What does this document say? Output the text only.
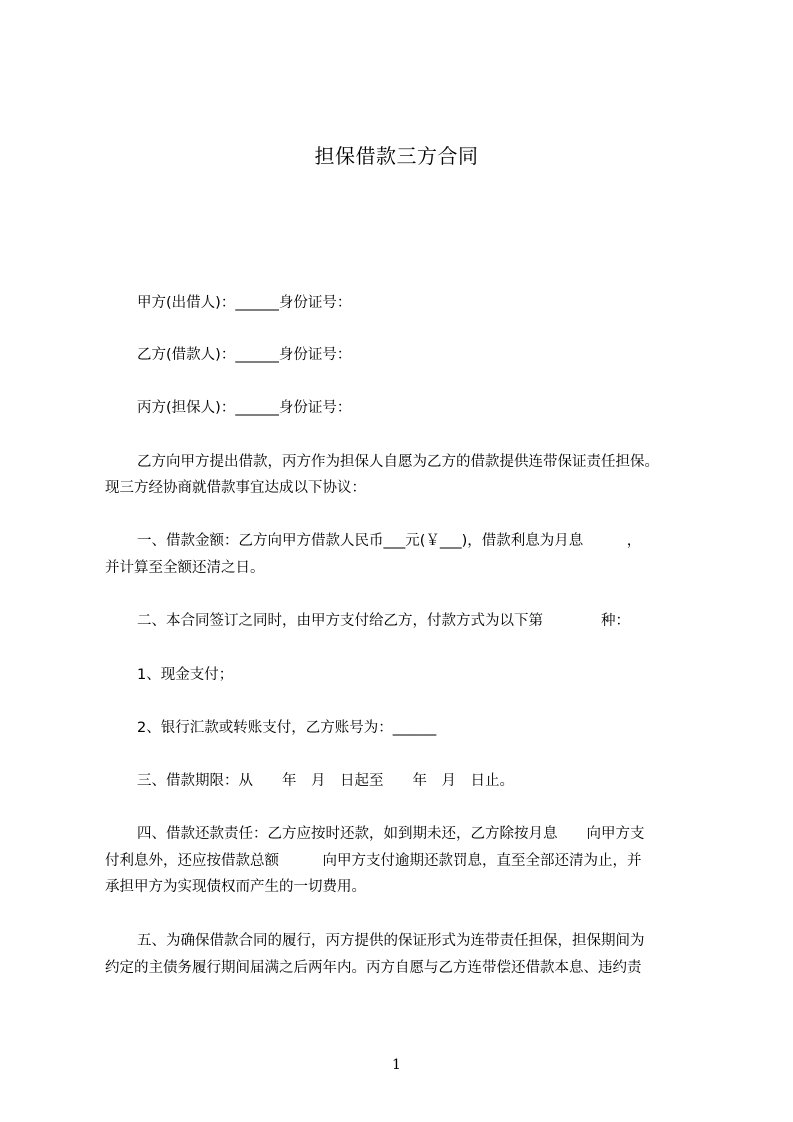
担保借款三方合同
甲方(出借人)：______身份证号：
乙方(借款人)：______身份证号：
丙方(担保人)：______身份证号：
乙方向甲方提出借款，丙方作为担保人自愿为乙方的借款提供连带保证责任担保。
现三方经协商就借款事宜达成以下协议：
一、借款金额：乙方向甲方借款人民币___元(￥___)，借款利息为月息　　　，
并计算至全额还清之日。
二、本合同签订之同时，由甲方支付给乙方，付款方式为以下第　　　　种：
1、现金支付；
2、银行汇款或转账支付，乙方账号为：______
三、借款期限：从　　年　月　日起至　　年　月　日止。
四、借款还款责任：乙方应按时还款，如到期未还，乙方除按月息　　向甲方支
付利息外，还应按借款总额　　　向甲方支付逾期还款罚息，直至全部还清为止，并
承担甲方为实现债权而产生的一切费用。
五、为确保借款合同的履行，丙方提供的保证形式为连带责任担保，担保期间为
约定的主债务履行期间届满之后两年内。丙方自愿与乙方连带偿还借款本息、违约责
1
